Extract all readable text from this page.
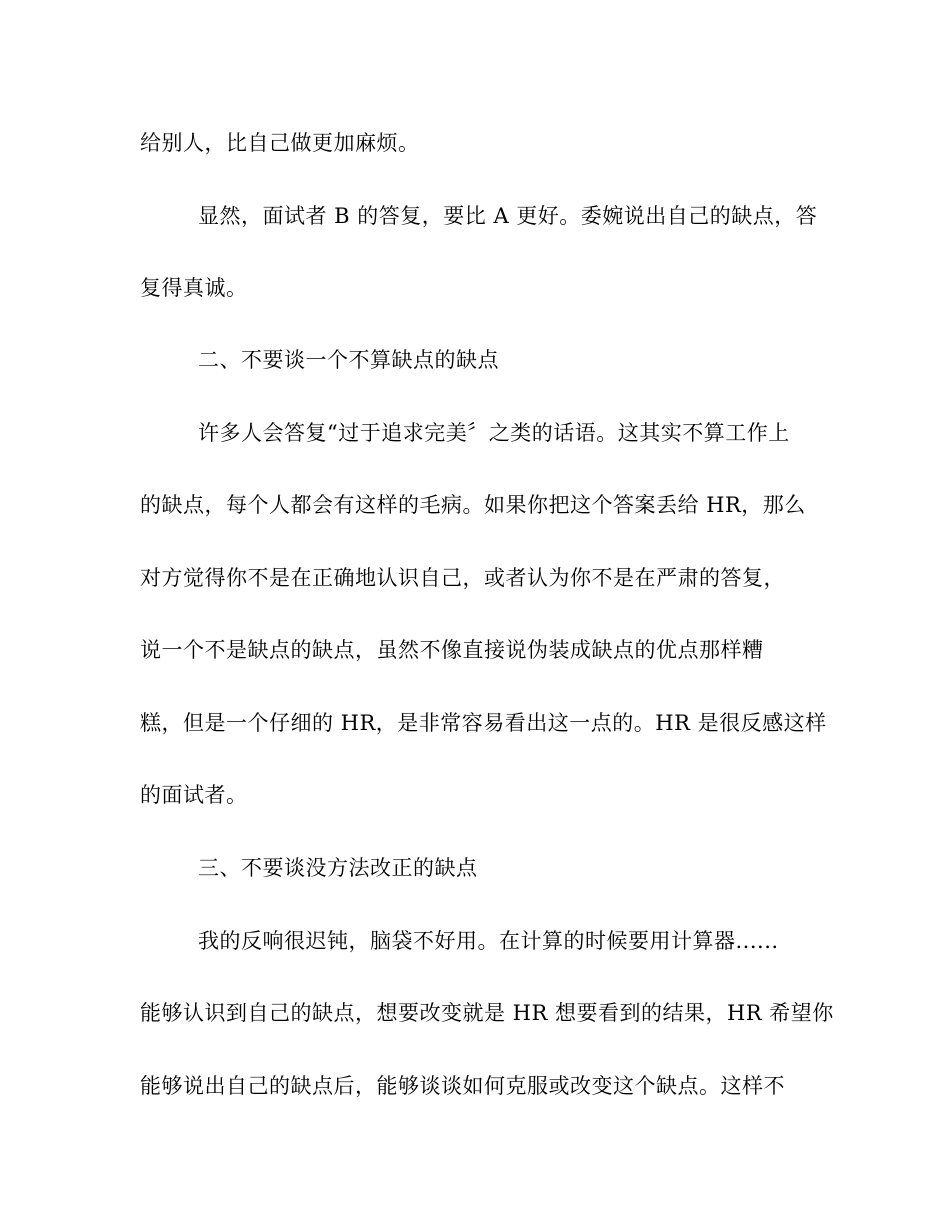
给别人，比自己做更加麻烦。
显然，面试者 B 的答复，要比 A 更好。委婉说出自己的缺点，答
复得真诚。
二、不要谈一个不算缺点的缺点
许多人会答复“过于追求完美〞之类的话语。这其实不算工作上
的缺点，每个人都会有这样的毛病。如果你把这个答案丢给 HR，那么
对方觉得你不是在正确地认识自己，或者认为你不是在严肃的答复，
说一个不是缺点的缺点，虽然不像直接说伪装成缺点的优点那样糟
糕，但是一个仔细的 HR，是非常容易看出这一点的。HR 是很反感这样
的面试者。
三、不要谈没方法改正的缺点
我的反响很迟钝，脑袋不好用。在计算的时候要用计算器......
能够认识到自己的缺点，想要改变就是 HR 想要看到的结果，HR 希望你
能够说出自己的缺点后，能够谈谈如何克服或改变这个缺点。这样不
